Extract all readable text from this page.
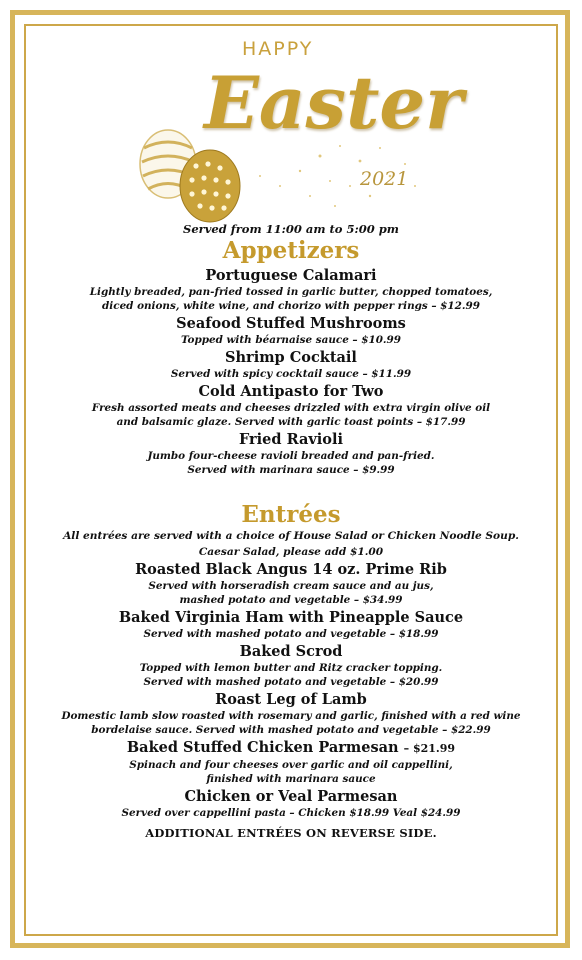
HAPPY
Easter
2021

Served from 11:00 am to 5:00 pm

Appetizers

Portuguese Calamari

Lightly breaded, pan-fried tossed in garlic butter, chopped tomatoes,

diced onions, white wine, and chorizo with pepper rings – $12.99

Seafood Stuffed Mushrooms

Topped with béarnaise sauce – $10.99

Shrimp Cocktail

Served with spicy cocktail sauce – $11.99

Cold Antipasto for Two

Fresh assorted meats and cheeses drizzled with extra virgin olive oil

and balsamic glaze. Served with garlic toast points – $17.99

Fried Ravioli

Jumbo four-cheese ravioli breaded and pan-fried.

Served with marinara sauce – $9.99

Entrées

All entrées are served with a choice of House Salad or Chicken Noodle Soup.

Caesar Salad, please add $1.00

Roasted Black Angus 14 oz. Prime Rib

Served with horseradish cream sauce and au jus,

mashed potato and vegetable – $34.99

Baked Virginia Ham with Pineapple Sauce

Served with mashed potato and vegetable – $18.99

Baked Scrod

Topped with lemon butter and Ritz cracker topping.

Served with mashed potato and vegetable – $20.99

Roast Leg of Lamb

Domestic lamb slow roasted with rosemary and garlic, finished with a red wine

bordelaise sauce. Served with mashed potato and vegetable – $22.99

Baked Stuffed Chicken Parmesan – $21.99

Spinach and four cheeses over garlic and oil cappellini,

finished with marinara sauce

Chicken or Veal Parmesan

Served over cappellini pasta – Chicken $18.99 Veal $24.99

ADDITIONAL ENTRÉES ON REVERSE SIDE.
